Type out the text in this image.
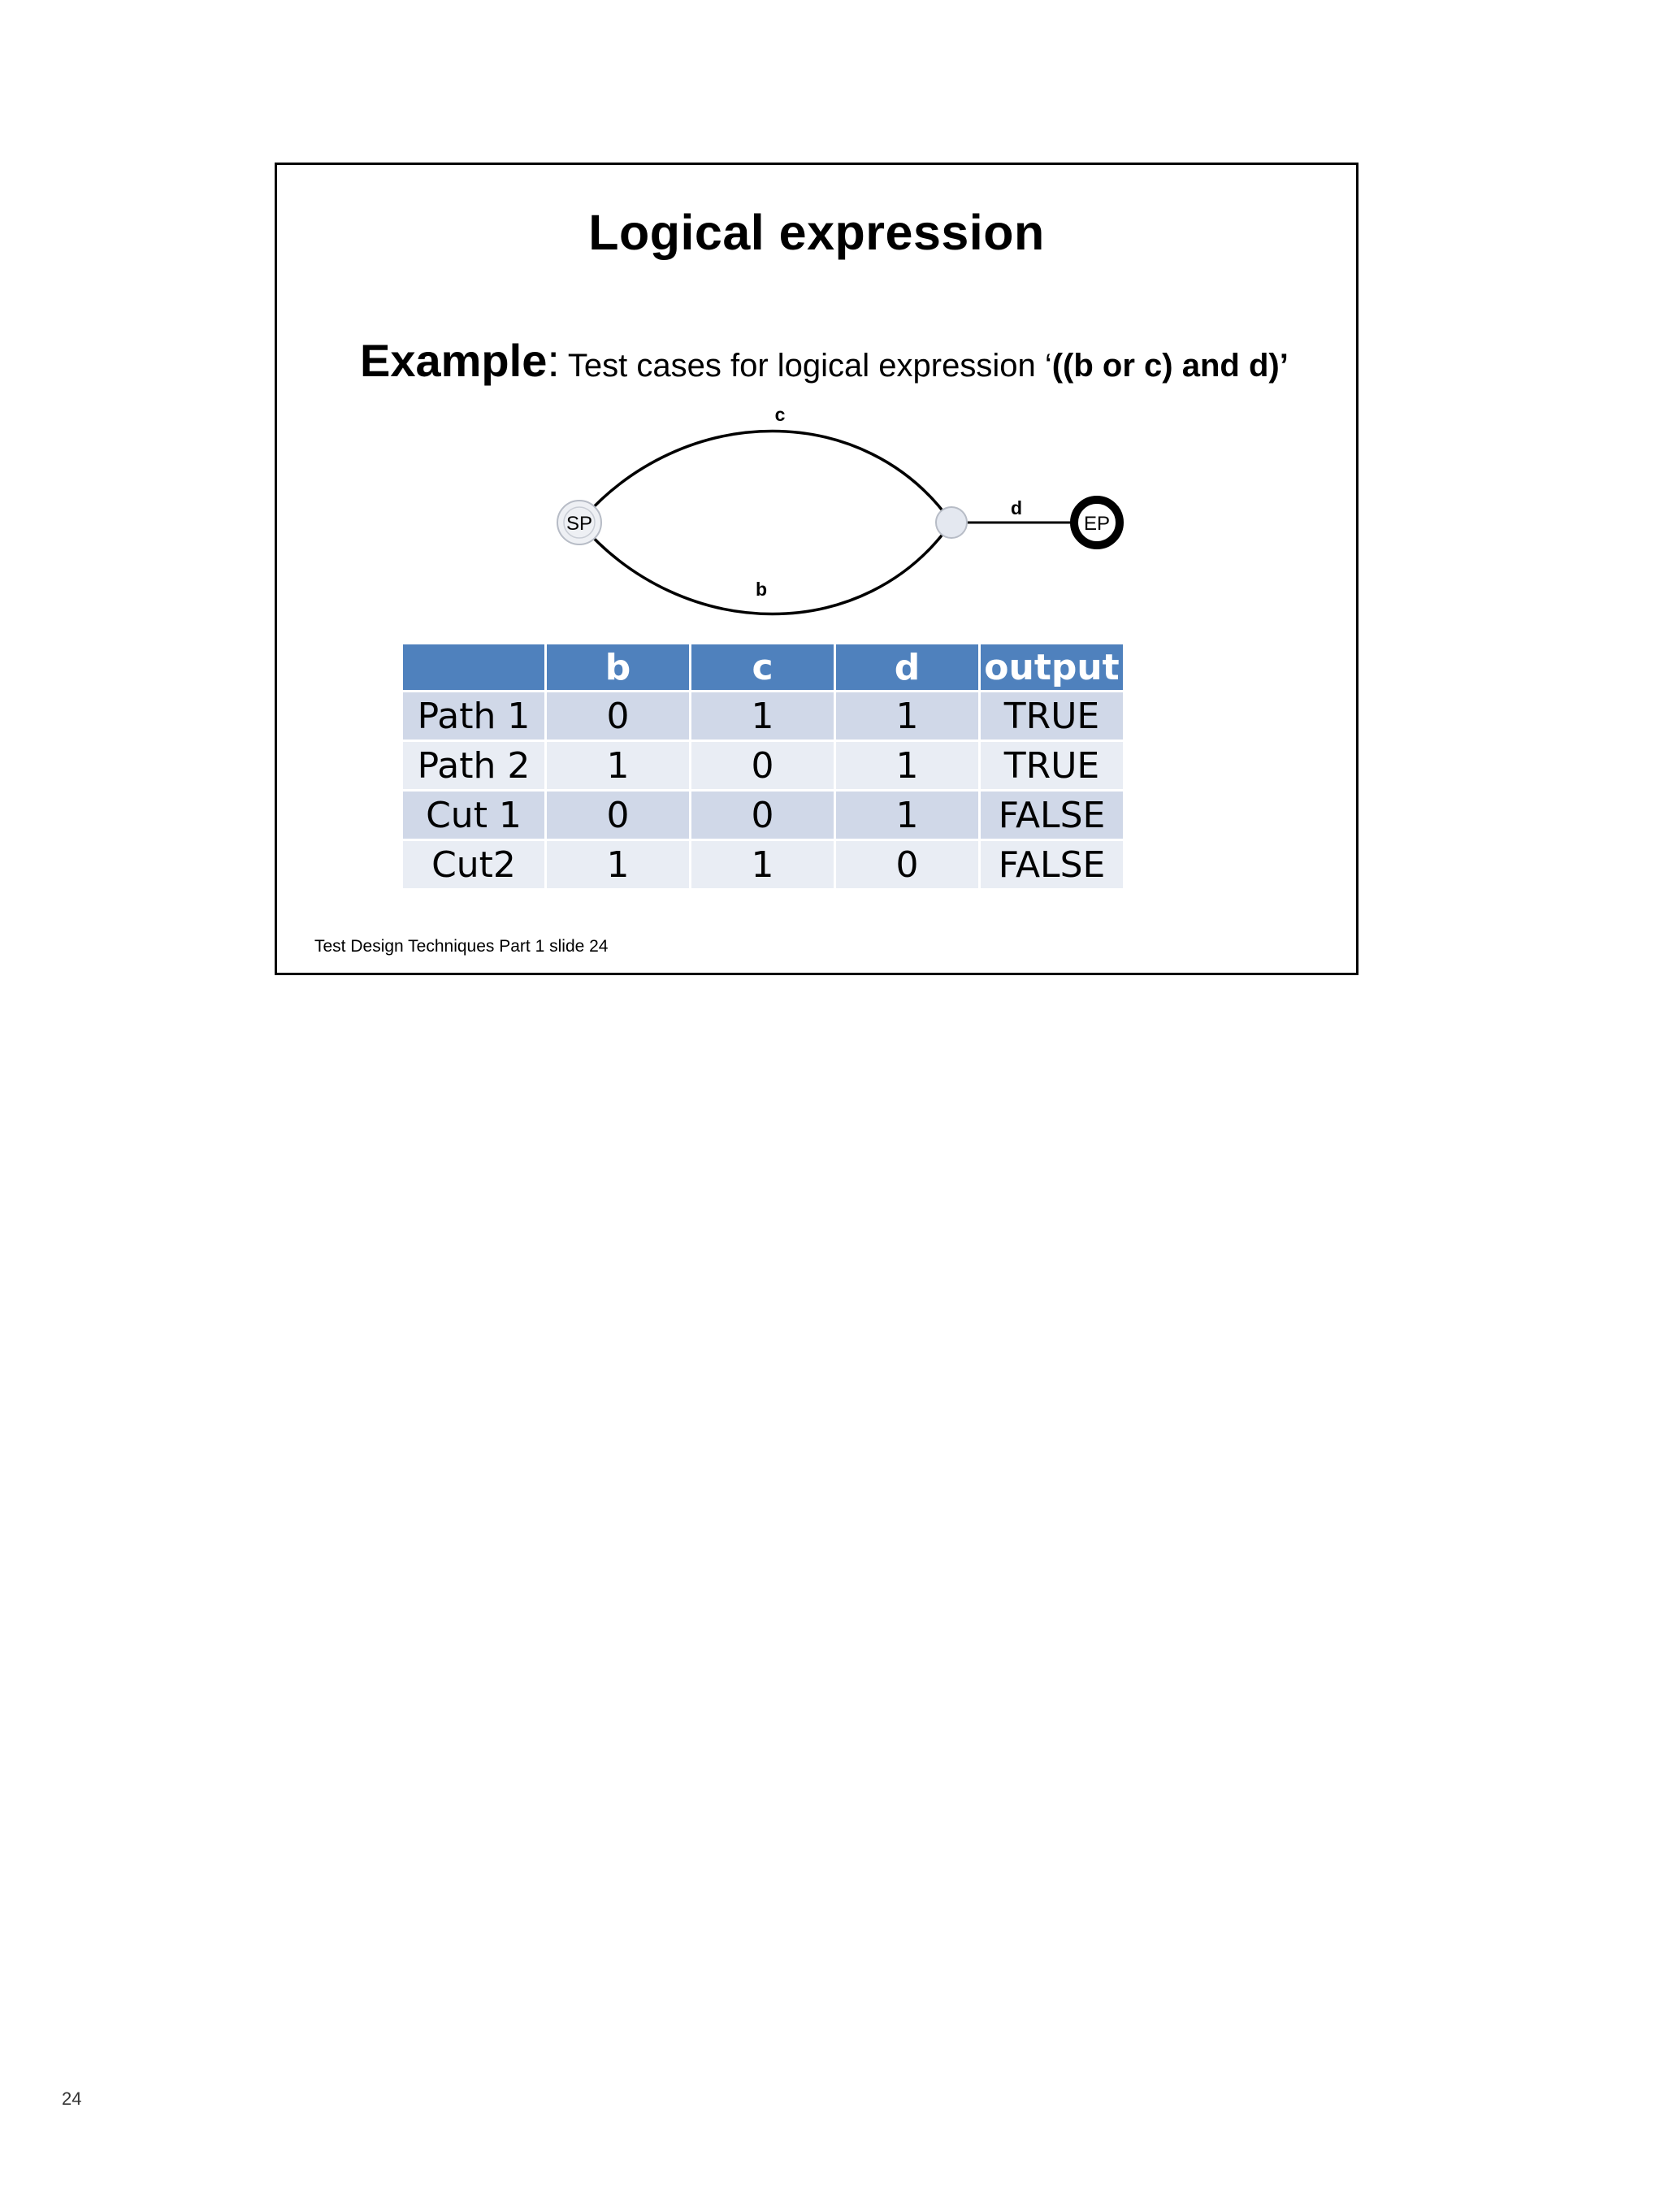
Logical expression
Example: Test cases for logical expression ‘((b or c) and d)’
SP	EP
c
b
d
	b	c	d	output
Path 1	0	1	1	TRUE
Path 2	1	0	1	TRUE
Cut 1	0	0	1	FALSE
Cut2	1	1	0	FALSE
Test Design Techniques Part 1 slide 24
24
